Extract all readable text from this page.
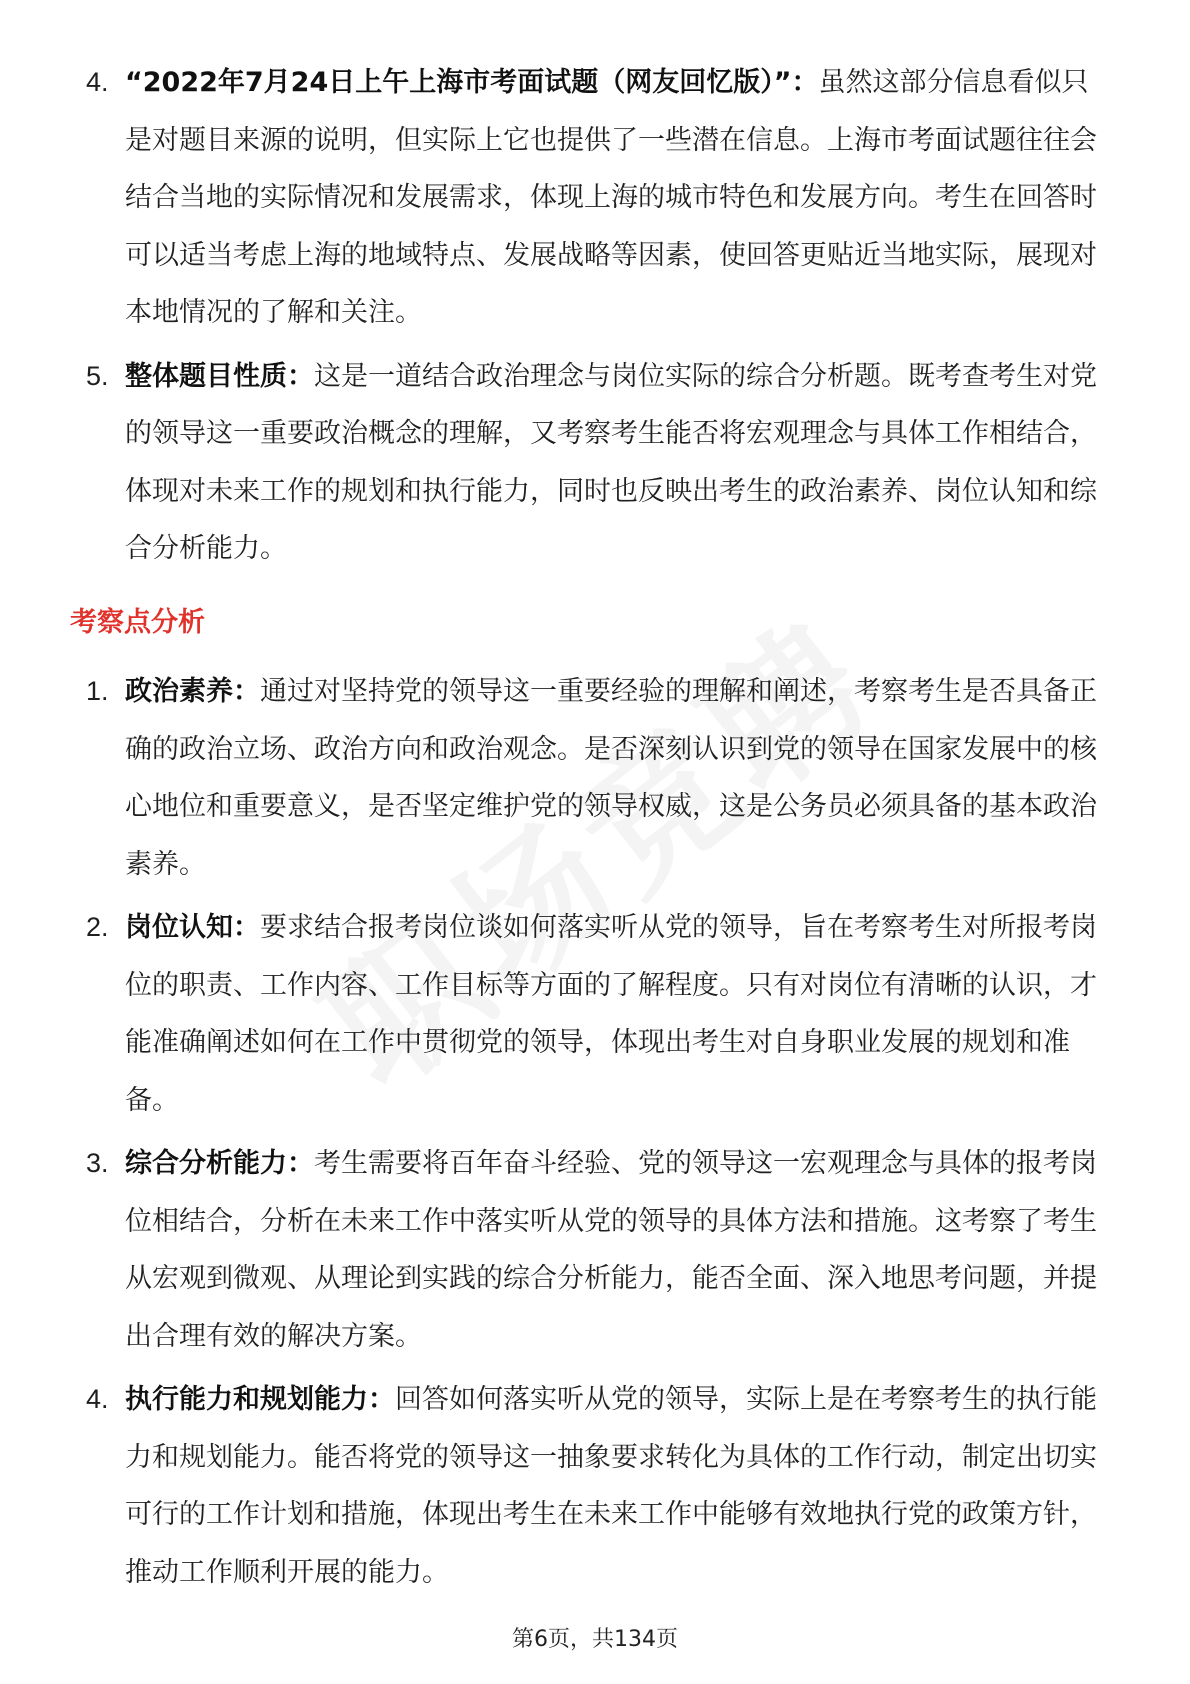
4. “2022年7月24日上午上海市考面试题（网友回忆版）”：虽然这部分信息看似只是对题目来源的说明，但实际上它也提供了一些潜在信息。上海市考面试题往往会结合当地的实际情况和发展需求，体现上海的城市特色和发展方向。考生在回答时可以适当考虑上海的地域特点、发展战略等因素，使回答更贴近当地实际，展现对本地情况的了解和关注。
5. 整体题目性质：这是一道结合政治理念与岗位实际的综合分析题。既考查考生对党的领导这一重要政治概念的理解，又考察考生能否将宏观理念与具体工作相结合，体现对未来工作的规划和执行能力，同时也反映出考生的政治素养、岗位认知和综合分析能力。
考察点分析
1. 政治素养：通过对坚持党的领导这一重要经验的理解和阐述，考察考生是否具备正确的政治立场、政治方向和政治观念。是否深刻认识到党的领导在国家发展中的核心地位和重要意义，是否坚定维护党的领导权威，这是公务员必须具备的基本政治素养。
2. 岗位认知：要求结合报考岗位谈如何落实听从党的领导，旨在考察考生对所报考岗位的职责、工作内容、工作目标等方面的了解程度。只有对岗位有清晰的认识，才能准确阐述如何在工作中贯彻党的领导，体现出考生对自身职业发展的规划和准备。
3. 综合分析能力：考生需要将百年奋斗经验、党的领导这一宏观理念与具体的报考岗位相结合，分析在未来工作中落实听从党的领导的具体方法和措施。这考察了考生从宏观到微观、从理论到实践的综合分析能力，能否全面、深入地思考问题，并提出合理有效的解决方案。
4. 执行能力和规划能力：回答如何落实听从党的领导，实际上是在考察考生的执行能力和规划能力。能否将党的领导这一抽象要求转化为具体的工作行动，制定出切实可行的工作计划和措施，体现出考生在未来工作中能够有效地执行党的政策方针，推动工作顺利开展的能力。
第6页，共134页
